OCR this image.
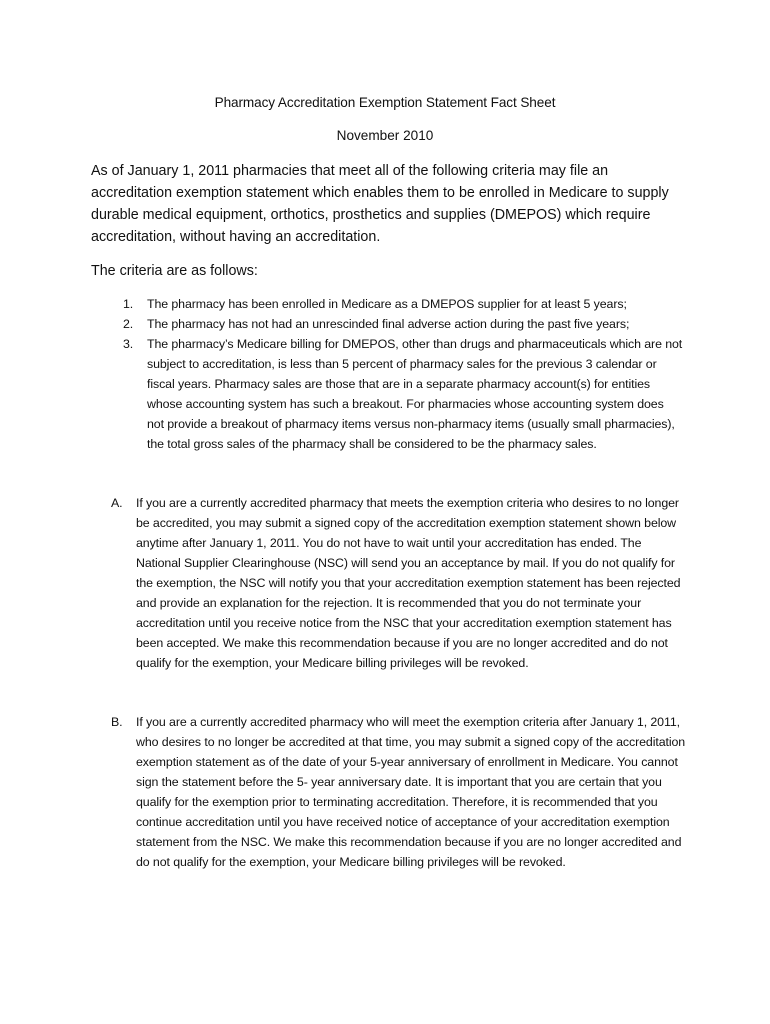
Pharmacy Accreditation Exemption Statement Fact Sheet
November 2010

As of January 1, 2011 pharmacies that meet all of the following criteria may file an accreditation exemption statement which enables them to be enrolled in Medicare to supply durable medical equipment, orthotics, prosthetics and supplies (DMEPOS) which require accreditation, without having an accreditation.

The criteria are as follows:

1. The pharmacy has been enrolled in Medicare as a DMEPOS supplier for at least 5 years;
2. The pharmacy has not had an unrescinded final adverse action during the past five years;
3. The pharmacy’s Medicare billing for DMEPOS, other than drugs and pharmaceuticals which are not subject to accreditation, is less than 5 percent of pharmacy sales for the previous 3 calendar or fiscal years. Pharmacy sales are those that are in a separate pharmacy account(s) for entities whose accounting system has such a breakout. For pharmacies whose accounting system does not provide a breakout of pharmacy items versus non-pharmacy items (usually small pharmacies), the total gross sales of the pharmacy shall be considered to be the pharmacy sales.
A. If you are a currently accredited pharmacy that meets the exemption criteria who desires to no longer be accredited, you may submit a signed copy of the accreditation exemption statement shown below anytime after January 1, 2011. You do not have to wait until your accreditation has ended. The National Supplier Clearinghouse (NSC) will send you an acceptance by mail. If you do not qualify for the exemption, the NSC will notify you that your accreditation exemption statement has been rejected and provide an explanation for the rejection. It is recommended that you do not terminate your accreditation until you receive notice from the NSC that your accreditation exemption statement has been accepted. We make this recommendation because if you are no longer accredited and do not qualify for the exemption, your Medicare billing privileges will be revoked.
B. If you are a currently accredited pharmacy who will meet the exemption criteria after January 1, 2011, who desires to no longer be accredited at that time, you may submit a signed copy of the accreditation exemption statement as of the date of your 5-year anniversary of enrollment in Medicare. You cannot sign the statement before the 5- year anniversary date. It is important that you are certain that you qualify for the exemption prior to terminating accreditation. Therefore, it is recommended that you continue accreditation until you have received notice of acceptance of your accreditation exemption statement from the NSC. We make this recommendation because if you are no longer accredited and do not qualify for the exemption, your Medicare billing privileges will be revoked.
